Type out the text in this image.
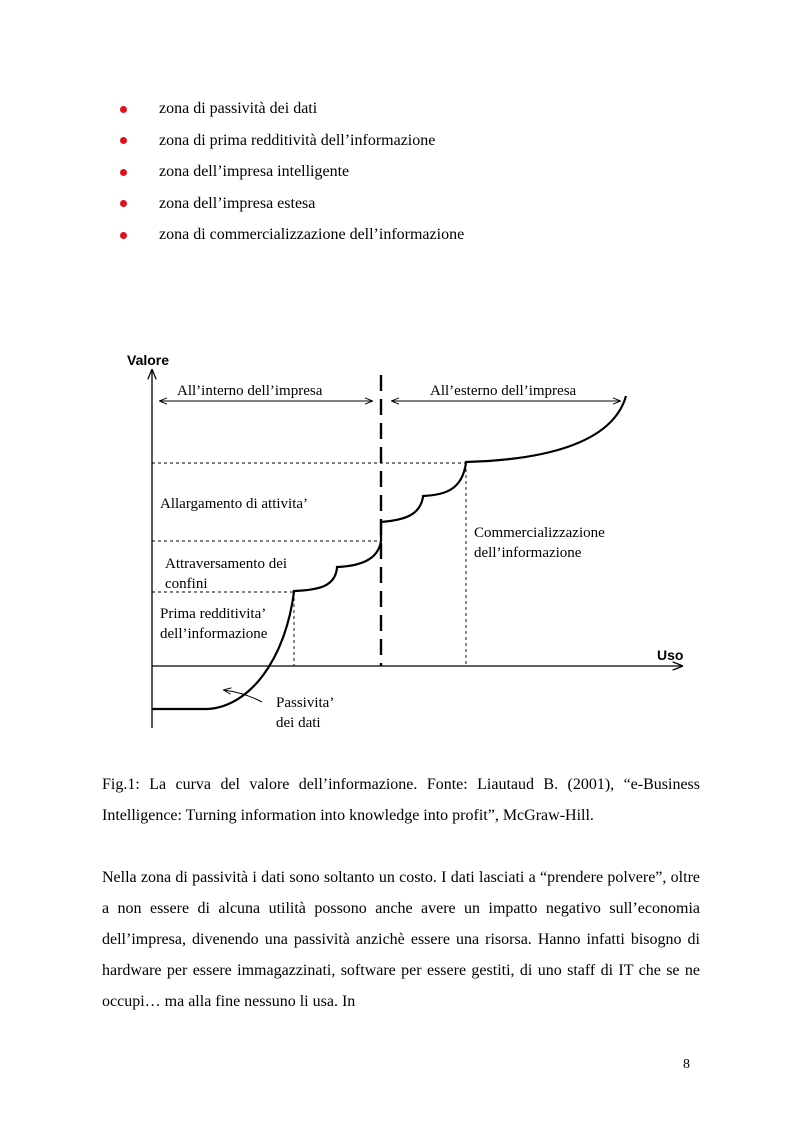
zona di passività dei dati
zona di prima redditività dell’informazione
zona dell’impresa intelligente
zona dell’impresa estesa
zona di commercializzazione dell’informazione
Valore
Uso
All’interno dell’impresa	All’esterno dell’impresa
Allargamento di attivita’
Attraversamento dei
confini
Prima redditivita’
dell’informazione
Commercializzazione
dell’informazione
Passivita’
dei dati

Fig.1: La curva del valore dell’informazione. Fonte: Liautaud B. (2001), “e-Business Intelligence: Turning information into knowledge into profit”, McGraw-Hill.

Nella zona di passività i dati sono soltanto un costo. I dati lasciati a “prendere polvere”, oltre a non essere di alcuna utilità possono anche avere un impatto negativo sull’economia dell’impresa, divenendo una passività anzichè essere una risorsa. Hanno infatti bisogno di hardware per essere immagazzinati, software per essere gestiti, di uno staff di IT che se ne occupi… ma alla fine nessuno li usa. In

8
